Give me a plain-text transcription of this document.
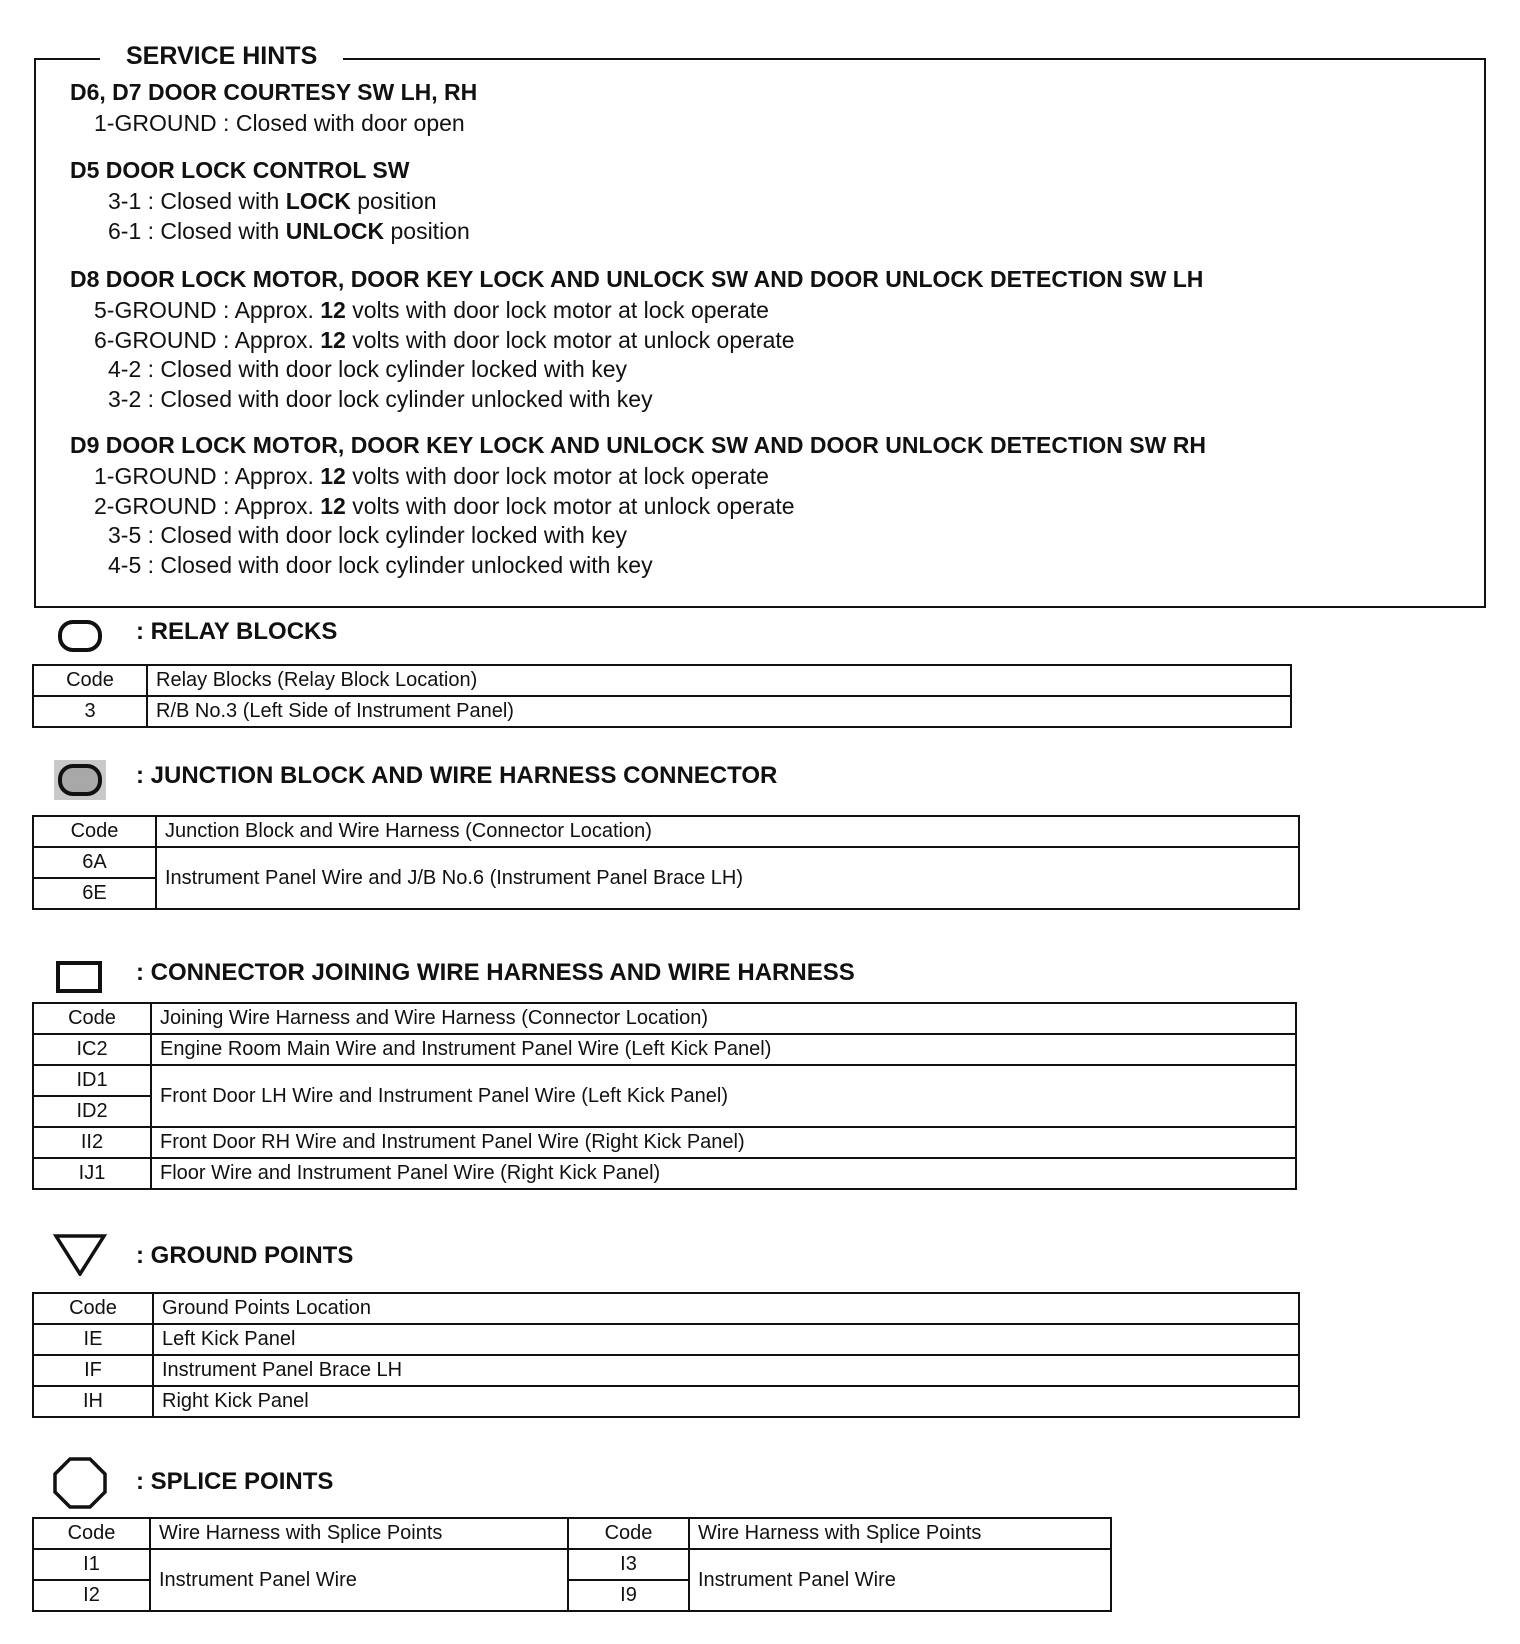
SERVICE HINTS
D6, D7 DOOR COURTESY SW LH, RH
1-GROUND : Closed with door open
D5 DOOR LOCK CONTROL SW
3-1 : Closed with LOCK position
6-1 : Closed with UNLOCK position
D8 DOOR LOCK MOTOR, DOOR KEY LOCK AND UNLOCK SW AND DOOR UNLOCK DETECTION SW LH
5-GROUND : Approx. 12 volts with door lock motor at lock operate
6-GROUND : Approx. 12 volts with door lock motor at unlock operate
4-2 : Closed with door lock cylinder locked with key
3-2 : Closed with door lock cylinder unlocked with key
D9 DOOR LOCK MOTOR, DOOR KEY LOCK AND UNLOCK SW AND DOOR UNLOCK DETECTION SW RH
1-GROUND : Approx. 12 volts with door lock motor at lock operate
2-GROUND : Approx. 12 volts with door lock motor at unlock operate
3-5 : Closed with door lock cylinder locked with key
4-5 : Closed with door lock cylinder unlocked with key
: RELAY BLOCKS
Code	Relay Blocks (Relay Block Location)
3	R/B No.3 (Left Side of Instrument Panel)
: JUNCTION BLOCK AND WIRE HARNESS CONNECTOR
Code	Junction Block and Wire Harness (Connector Location)
6A	Instrument Panel Wire and J/B No.6 (Instrument Panel Brace LH)
6E	
: CONNECTOR JOINING WIRE HARNESS AND WIRE HARNESS
Code	Joining Wire Harness and Wire Harness (Connector Location)
IC2	Engine Room Main Wire and Instrument Panel Wire (Left Kick Panel)
ID1	Front Door LH Wire and Instrument Panel Wire (Left Kick Panel)
ID2	
II2	Front Door RH Wire and Instrument Panel Wire (Right Kick Panel)
IJ1	Floor Wire and Instrument Panel Wire (Right Kick Panel)
: GROUND POINTS
Code	Ground Points Location
IE	Left Kick Panel
IF	Instrument Panel Brace LH
IH	Right Kick Panel
: SPLICE POINTS
Code	Wire Harness with Splice Points	Code	Wire Harness with Splice Points
I1	Instrument Panel Wire	I3	Instrument Panel Wire
I2		I9	
